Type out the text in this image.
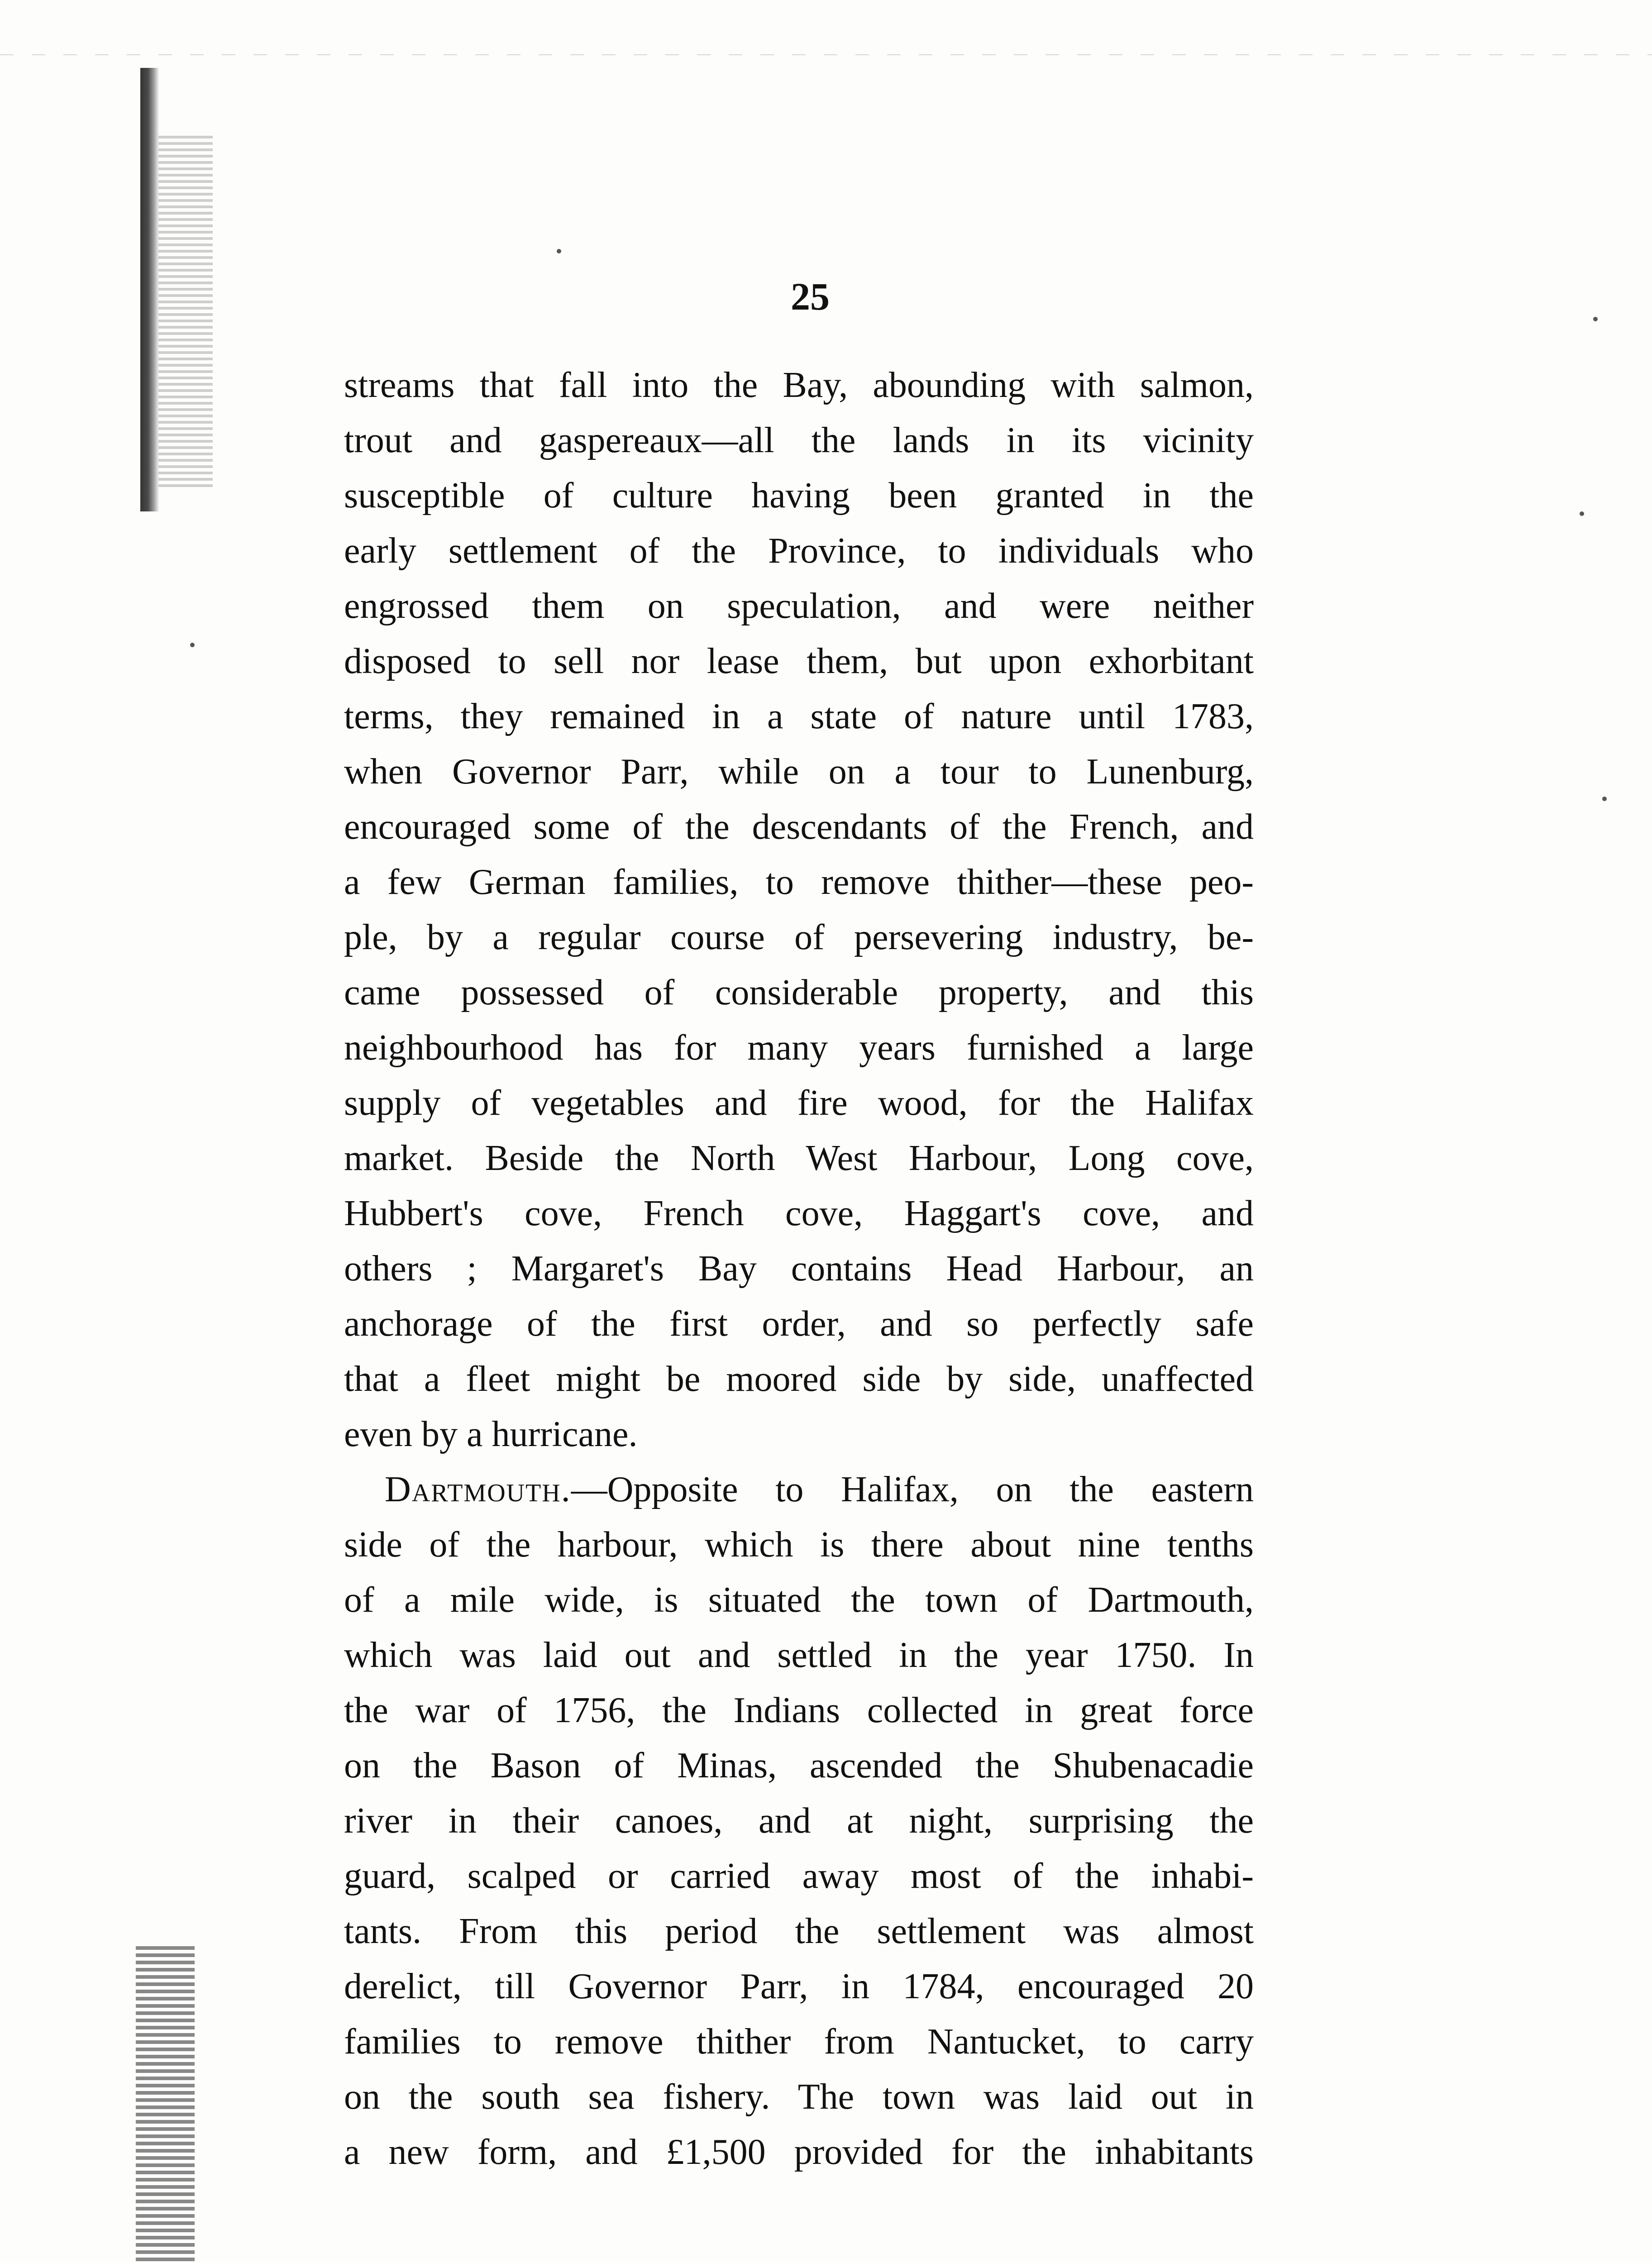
25
streams that fall into the Bay, abounding with salmon,
trout and gaspereaux—all the lands in its vicinity
susceptible of culture having been granted in the
early settlement of the Province, to individuals who
engrossed them on speculation, and were neither
disposed to sell nor lease them, but upon exhorbitant
terms, they remained in a state of nature until 1783,
when Governor Parr, while on a tour to Lunenburg,
encouraged some of the descendants of the French, and
a few German families, to remove thither—these peo-
ple, by a regular course of persevering industry, be-
came possessed of considerable property, and this
neighbourhood has for many years furnished a large
supply of vegetables and fire wood, for the Halifax
market. Beside the North West Harbour, Long cove,
Hubbert's cove, French cove, Haggart's cove, and
others ; Margaret's Bay contains Head Harbour, an
anchorage of the first order, and so perfectly safe
that a fleet might be moored side by side, unaffected
even by a hurricane.
Dartmouth.—Opposite to Halifax, on the eastern
side of the harbour, which is there about nine tenths
of a mile wide, is situated the town of Dartmouth,
which was laid out and settled in the year 1750. In
the war of 1756, the Indians collected in great force
on the Bason of Minas, ascended the Shubenacadie
river in their canoes, and at night, surprising the
guard, scalped or carried away most of the inhabi-
tants. From this period the settlement was almost
derelict, till Governor Parr, in 1784, encouraged 20
families to remove thither from Nantucket, to carry
on the south sea fishery. The town was laid out in
a new form, and £1,500 provided for the inhabitants
